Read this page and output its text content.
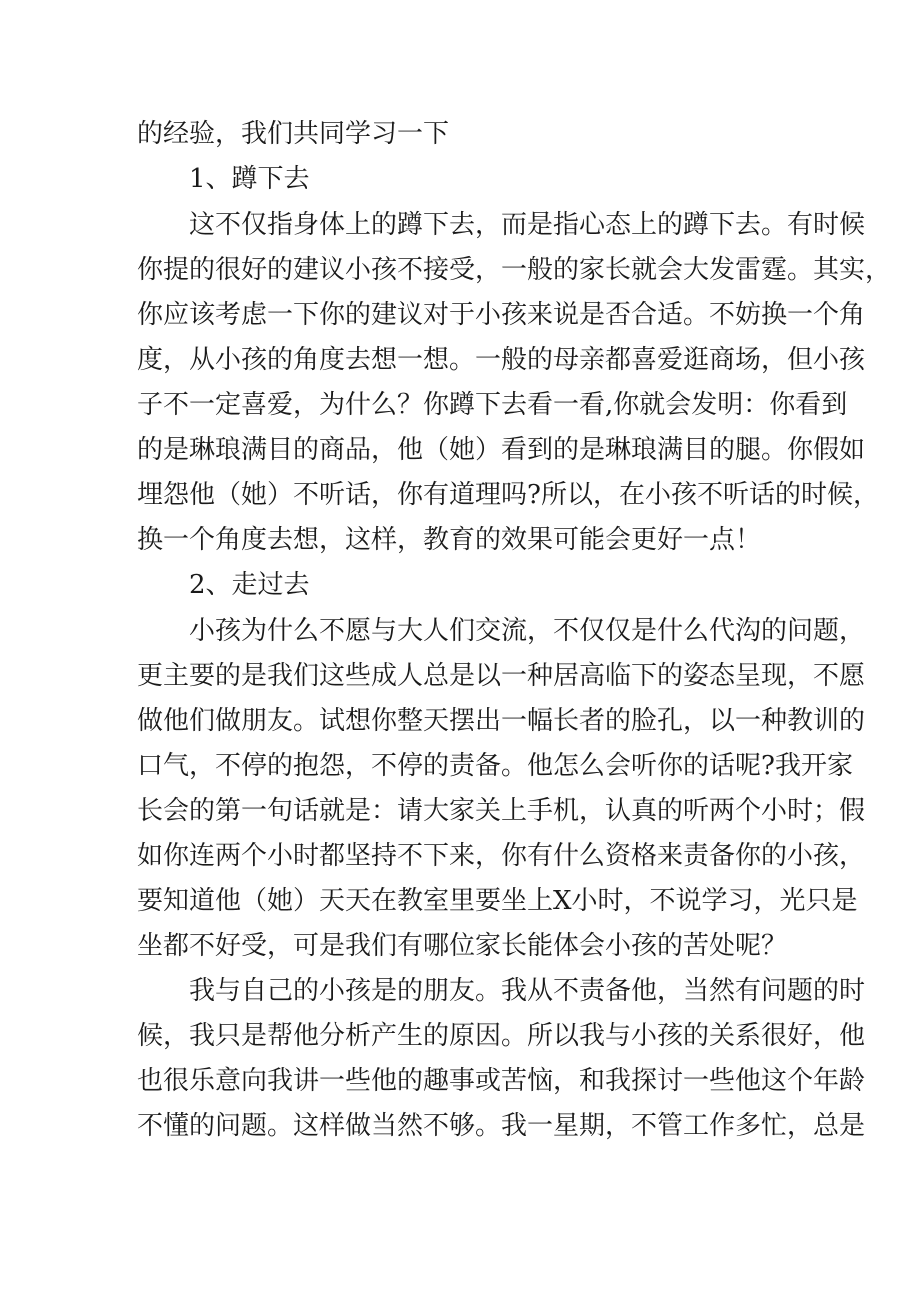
的经验，我们共同学习一下
1、蹲下去
这不仅指身体上的蹲下去，而是指心态上的蹲下去。有时候
你提的很好的建议小孩不接受，一般的家长就会大发雷霆。其实，
你应该考虑一下你的建议对于小孩来说是否合适。不妨换一个角
度，从小孩的角度去想一想。一般的母亲都喜爱逛商场，但小孩
子不一定喜爱，为什么？你蹲下去看一看,你就会发明：你看到
的是琳琅满目的商品，他（她）看到的是琳琅满目的腿。你假如
埋怨他（她）不听话，你有道理吗?所以，在小孩不听话的时候，
换一个角度去想，这样，教育的效果可能会更好一点！
2、走过去
小孩为什么不愿与大人们交流，不仅仅是什么代沟的问题，
更主要的是我们这些成人总是以一种居高临下的姿态呈现，不愿
做他们做朋友。试想你整天摆出一幅长者的脸孔，以一种教训的
口气，不停的抱怨，不停的责备。他怎么会听你的话呢?我开家
长会的第一句话就是：请大家关上手机，认真的听两个小时；假
如你连两个小时都坚持不下来，你有什么资格来责备你的小孩，
要知道他（她）天天在教室里要坐上X小时，不说学习，光只是
坐都不好受，可是我们有哪位家长能体会小孩的苦处呢？
我与自己的小孩是的朋友。我从不责备他，当然有问题的时
候，我只是帮他分析产生的原因。所以我与小孩的关系很好，他
也很乐意向我讲一些他的趣事或苦恼，和我探讨一些他这个年龄
不懂的问题。这样做当然不够。我一星期，不管工作多忙，总是
